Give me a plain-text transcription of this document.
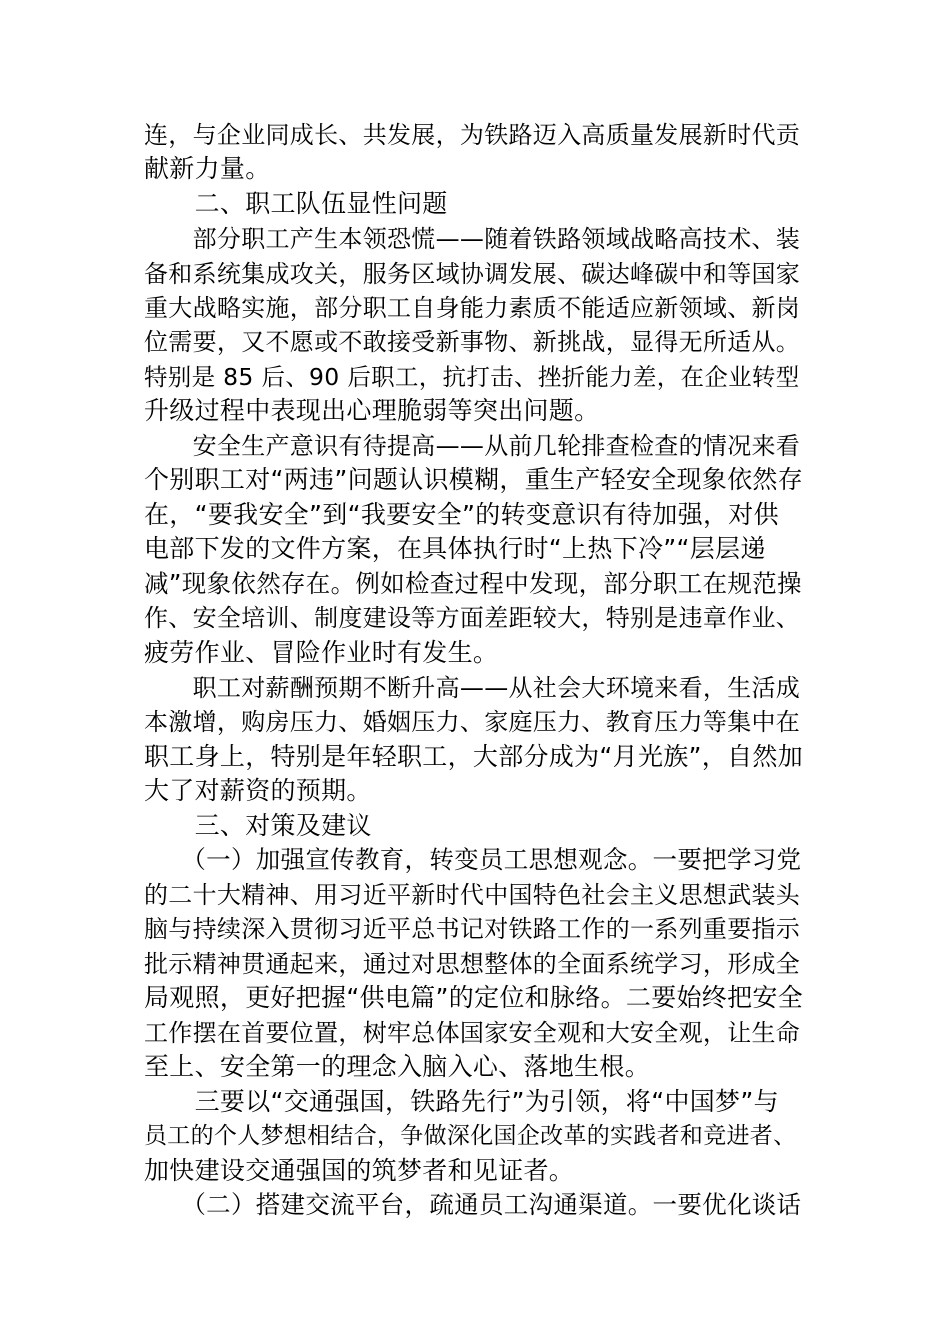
连，与企业同成长、共发展，为铁路迈入高质量发展新时代贡
献新力量。
　　二、职工队伍显性问题
　　部分职工产生本领恐慌——随着铁路领域战略高技术、装
备和系统集成攻关，服务区域协调发展、碳达峰碳中和等国家
重大战略实施，部分职工自身能力素质不能适应新领域、新岗
位需要，又不愿或不敢接受新事物、新挑战，显得无所适从。
特别是 85 后、90 后职工，抗打击、挫折能力差，在企业转型
升级过程中表现出心理脆弱等突出问题。
　　安全生产意识有待提高——从前几轮排查检查的情况来看
个别职工对“两违”问题认识模糊，重生产轻安全现象依然存
在，“要我安全”到“我要安全”的转变意识有待加强，对供
电部下发的文件方案，在具体执行时“上热下冷”“层层递
减”现象依然存在。例如检查过程中发现，部分职工在规范操
作、安全培训、制度建设等方面差距较大，特别是违章作业、
疲劳作业、冒险作业时有发生。
　　职工对薪酬预期不断升高——从社会大环境来看，生活成
本激增，购房压力、婚姻压力、家庭压力、教育压力等集中在
职工身上，特别是年轻职工，大部分成为“月光族”，自然加
大了对薪资的预期。
　　三、对策及建议
　　（一）加强宣传教育，转变员工思想观念。一要把学习党
的二十大精神、用习近平新时代中国特色社会主义思想武装头
脑与持续深入贯彻习近平总书记对铁路工作的一系列重要指示
批示精神贯通起来，通过对思想整体的全面系统学习，形成全
局观照，更好把握“供电篇”的定位和脉络。二要始终把安全
工作摆在首要位置，树牢总体国家安全观和大安全观，让生命
至上、安全第一的理念入脑入心、落地生根。
　　三要以“交通强国，铁路先行”为引领，将“中国梦”与
员工的个人梦想相结合，争做深化国企改革的实践者和竞进者、
加快建设交通强国的筑梦者和见证者。
　　（二）搭建交流平台，疏通员工沟通渠道。一要优化谈话
